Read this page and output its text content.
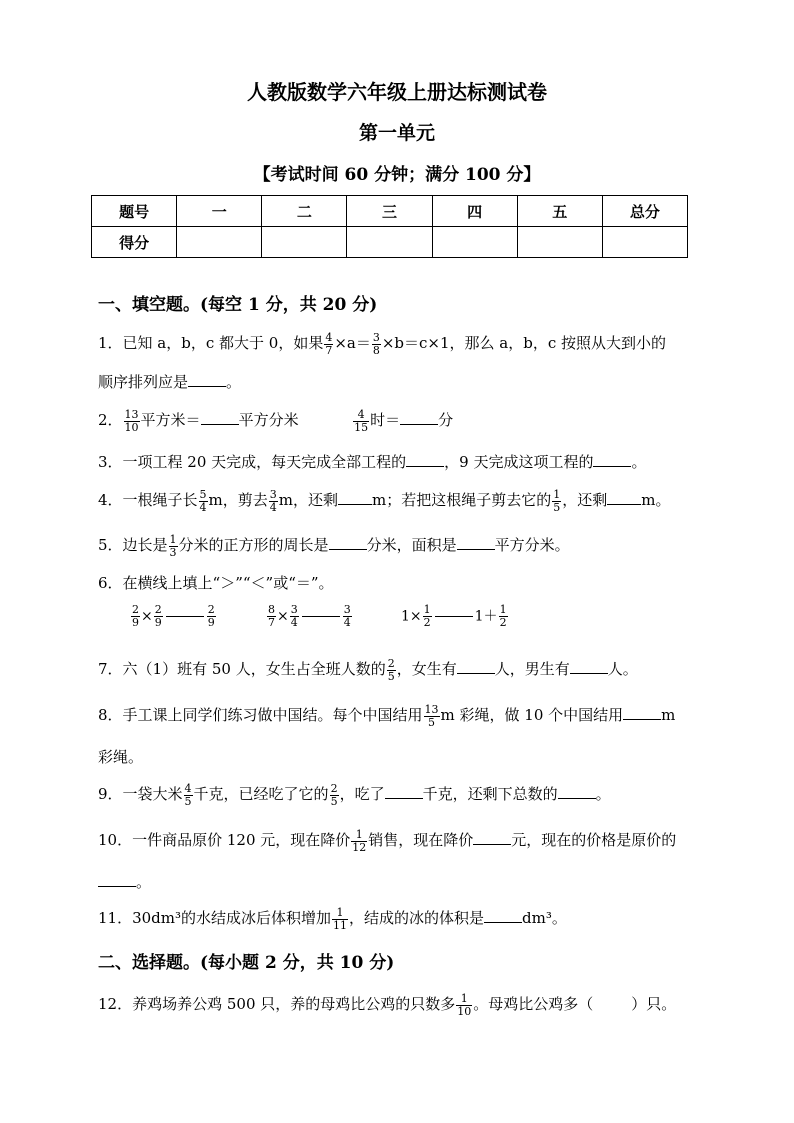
人教版数学六年级上册达标测试卷
第一单元
【考试时间 60 分钟；满分 100 分】
题号	一	二	三	四	五	总分
得分						
一、填空题。(每空 1 分，共 20 分)
1．已知 a，b，c 都大于 0，如果 $\frac{4}{7} \times a= \frac{3}{8} \times b=c\times 1$，那么 a，b，c 按照从大到小的
顺序排列应是	。
2． $\frac{13}{10}$ 平方米＝	平方分米	$\frac{4}{15}$ 时＝	分
3．一项工程 20 天完成，每天完成全部工程的	，9 天完成这项工程的	。
4．一根绳子长 $\frac{5}{4}$ m，剪去 $\frac{3}{4}$ m，还剩 m；若把这根绳子剪去它的 $\frac{1}{5}$ ，还剩 m。
5．边长是 $\frac{1}{3}$ 分米的正方形的周长是	分米，面积是	平方分米。
6．在横线上填上“＞”“＜”或“＝”。
$\frac{2}{9} \times \frac{2}{9}$	$\frac{2}{9}$	$\frac{8}{7} \times \frac{3}{4}$	$\frac{3}{4}$	$1\times \frac{1}{2}$	$1+ \frac{1}{2}$
7．六（1）班有 50 人，女生占全班人数的 $\frac{2}{5}$ ，女生有	人，男生有	人。
8．手工课上同学们练习做中国结。每个中国结用 $\frac{13}{5}$ m 彩绳，做 10 个中国结用	m
彩绳。
9．一袋大米 $\frac{4}{5}$ 千克，已经吃了它的 $\frac{2}{5}$ ，吃了	千克，还剩下总数的	。
10．一件商品原价 120 元，现在降价 $\frac{1}{12}$ 销售，现在降价	元，现在的价格是原价的
。
11．30dm³的水结成冰后体积增加 $\frac{1}{11}$ ，结成的冰的体积是	dm³。
二、选择题。(每小题 2 分，共 10 分)
12．养鸡场养公鸡 500 只，养的母鸡比公鸡的只数多 $\frac{1}{10}$ 。母鸡比公鸡多（	）只。
